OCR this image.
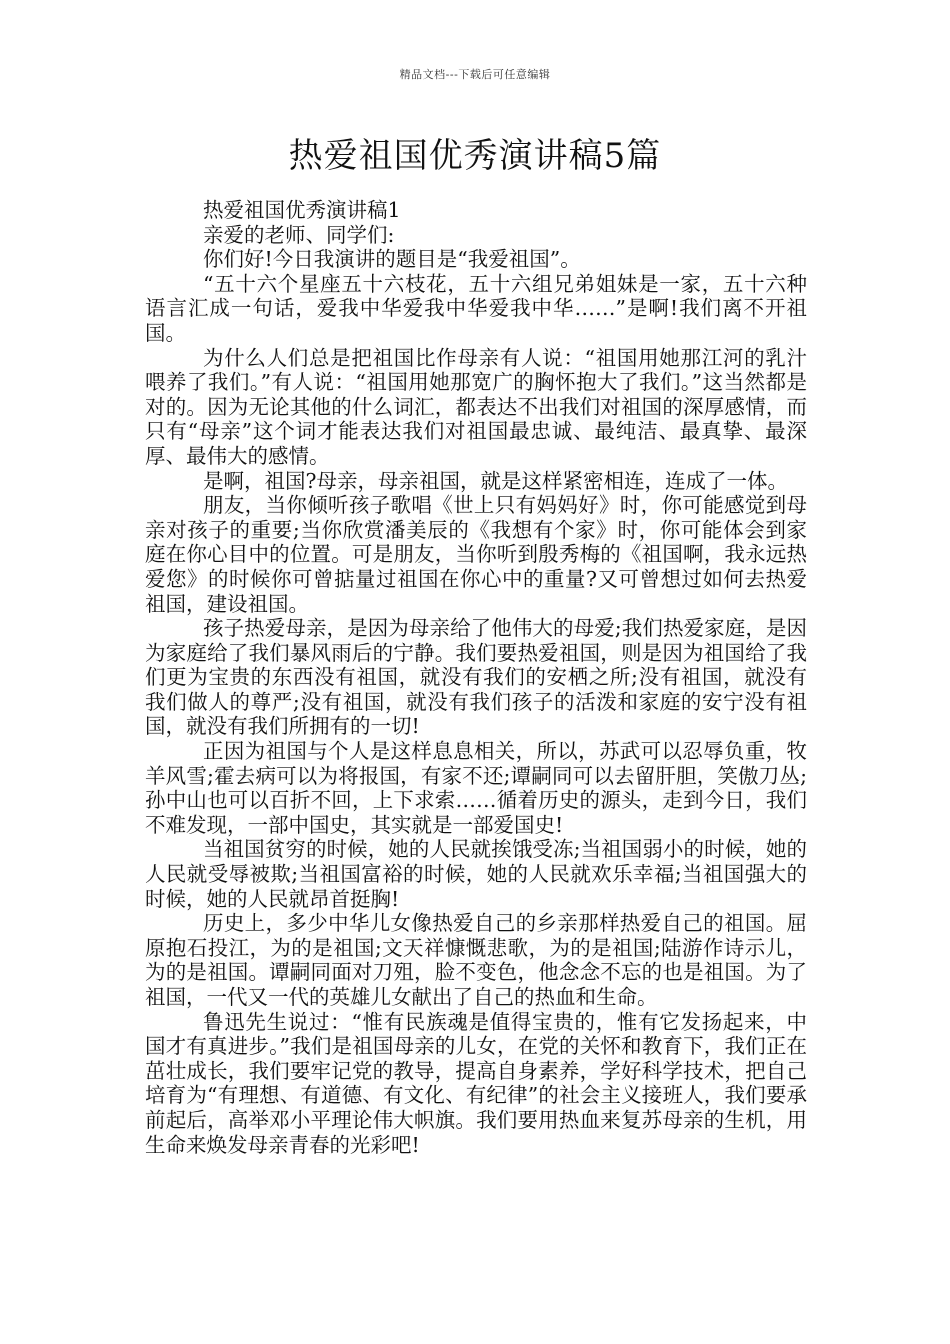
精品文档---下载后可任意编辑
热爱祖国优秀演讲稿5篇

热爱祖国优秀演讲稿1

亲爱的老师、同学们:

你们好!今日我演讲的题目是“我爱祖国”。

“五十六个星座五十六枝花，五十六组兄弟姐妹是一家，五十六种语言汇成一句话，爱我中华爱我中华爱我中华……”是啊!我们离不开祖国。

为什么人们总是把祖国比作母亲有人说：“祖国用她那江河的乳汁喂养了我们。”有人说：“祖国用她那宽广的胸怀抱大了我们。”这当然都是对的。因为无论其他的什么词汇，都表达不出我们对祖国的深厚感情，而只有“母亲”这个词才能表达我们对祖国最忠诚、最纯洁、最真挚、最深厚、最伟大的感情。

是啊，祖国?母亲，母亲祖国，就是这样紧密相连，连成了一体。

朋友，当你倾听孩子歌唱《世上只有妈妈好》时，你可能感觉到母亲对孩子的重要;当你欣赏潘美辰的《我想有个家》时，你可能体会到家庭在你心目中的位置。可是朋友，当你听到殷秀梅的《祖国啊，我永远热爱您》的时候你可曾掂量过祖国在你心中的重量?又可曾想过如何去热爱祖国，建设祖国。

孩子热爱母亲，是因为母亲给了他伟大的母爱;我们热爱家庭，是因为家庭给了我们暴风雨后的宁静。我们要热爱祖国，则是因为祖国给了我们更为宝贵的东西没有祖国，就没有我们的安栖之所;没有祖国，就没有我们做人的尊严;没有祖国，就没有我们孩子的活泼和家庭的安宁没有祖国，就没有我们所拥有的一切!

正因为祖国与个人是这样息息相关，所以，苏武可以忍辱负重，牧羊风雪;霍去病可以为将报国，有家不还;谭嗣同可以去留肝胆，笑傲刀丛;孙中山也可以百折不回，上下求索……循着历史的源头，走到今日，我们不难发现，一部中国史，其实就是一部爱国史!

当祖国贫穷的时候，她的人民就挨饿受冻;当祖国弱小的时候，她的人民就受辱被欺;当祖国富裕的时候，她的人民就欢乐幸福;当祖国强大的时候，她的人民就昂首挺胸!

历史上，多少中华儿女像热爱自己的乡亲那样热爱自己的祖国。屈原抱石投江，为的是祖国;文天祥慷慨悲歌，为的是祖国;陆游作诗示儿，为的是祖国。谭嗣同面对刀殂，脸不变色，他念念不忘的也是祖国。为了祖国，一代又一代的英雄儿女献出了自己的热血和生命。

鲁迅先生说过：“惟有民族魂是值得宝贵的，惟有它发扬起来，中国才有真进步。”我们是祖国母亲的儿女，在党的关怀和教育下，我们正在茁壮成长，我们要牢记党的教导，提高自身素养，学好科学技术，把自己培育为“有理想、有道德、有文化、有纪律”的社会主义接班人，我们要承前起后，高举邓小平理论伟大帜旗。我们要用热血来复苏母亲的生机，用生命来焕发母亲青春的光彩吧!
